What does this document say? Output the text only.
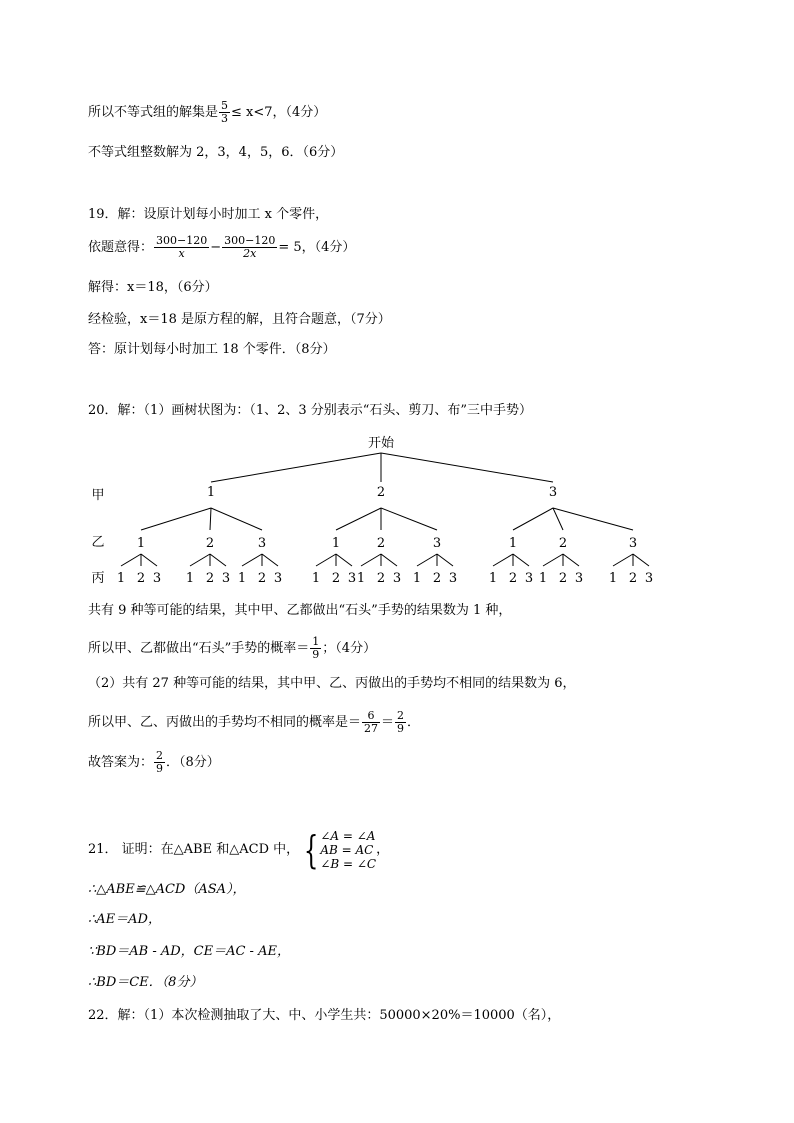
所以不等式组的解集是 $\frac{5}{3} \le x<7$，（4分）
不等式组整数解为 2，3，4，5，6．（6分）
19．解：设原计划每小时加工 x 个零件，
依题意得： $\frac{300-120}{x} - \frac{300-120}{2x} = 5$，（4分）
解得：x＝18，（6分）
经检验，x＝18 是原方程的解，且符合题意，（7分）
答：原计划每小时加工 18 个零件．（8分）
20．解：（1）画树状图为：（1、2、3 分别表示“石头、剪刀、布”三中手势）
开始
甲
乙
丙
1	2	3
1	2	3	1	2	3	1	2	3
1 2 3 1 2 3 1 2 3 1 2 3 1 2 3 1 2 3 1 2 3 1 2 3 1 2 3
共有 9 种等可能的结果，其中甲、乙都做出“石头”手势的结果数为 1 种，
所以甲、乙都做出“石头”手势的概率＝ $\frac{1}{9}$ ；（4分）
（2）共有 27 种等可能的结果，其中甲、乙、丙做出的手势均不相同的结果数为 6，
所以甲、乙、丙做出的手势均不相同的概率是＝ $\frac{6}{27} = \frac{2}{9}$ ．
故答案为： $\frac{2}{9}$ ．（8分）
21． 证明：在△ABE 和△ACD 中， { ∠A = ∠A
AB = AC
∠B = ∠C
，
∴△ABE≌△ACD（ASA），
∴AE＝AD，
∵BD＝AB - AD，CE＝AC - AE，
∴BD＝CE．（8分）
22．解：（1）本次检测抽取了大、中、小学生共：50000×20%＝10000（名），
